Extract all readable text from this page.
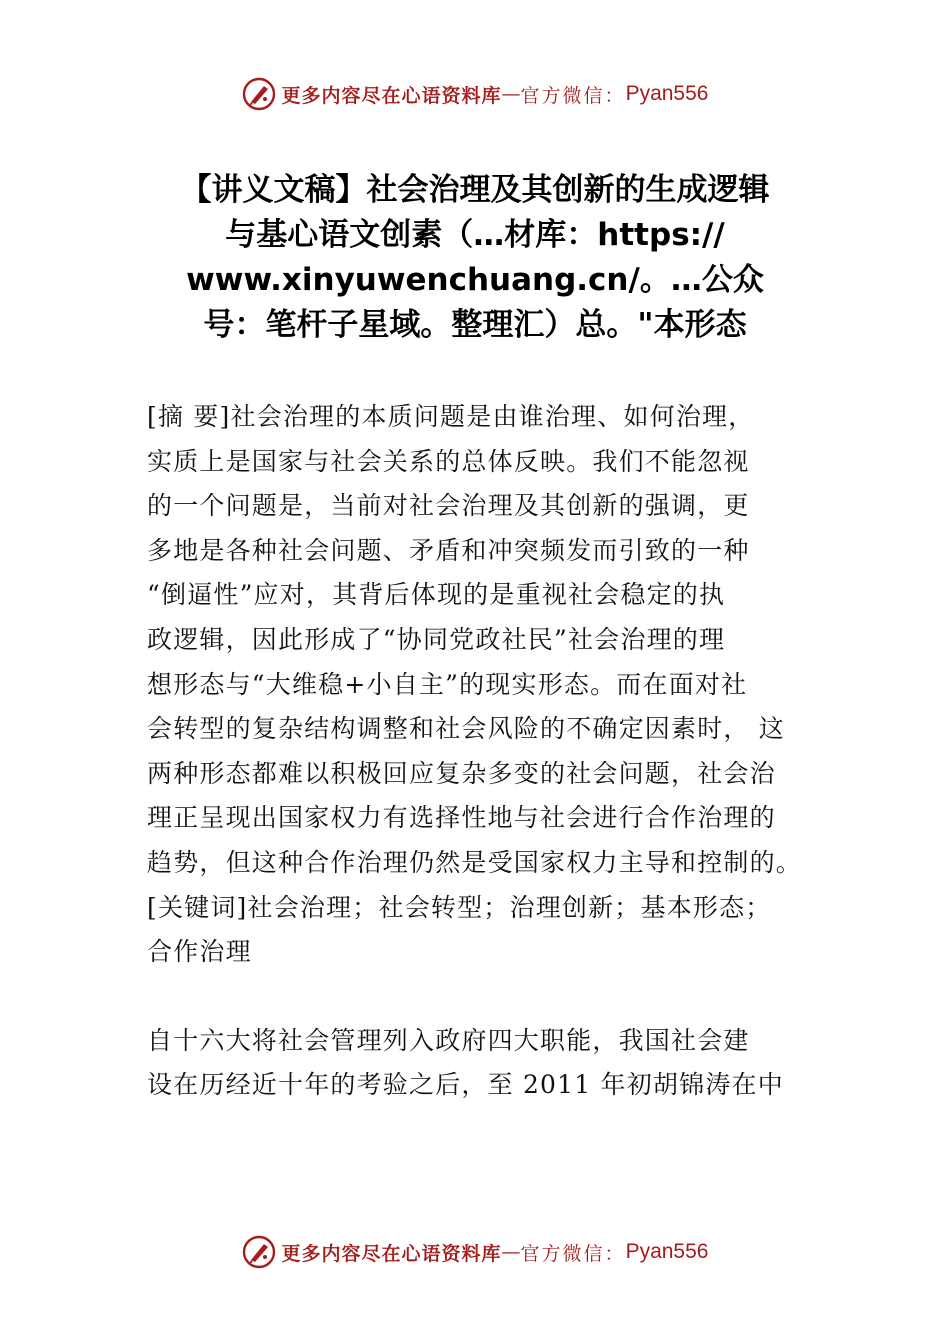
更多内容尽在心语资料库 — 官方微信： Pyan556
【讲义文稿】社会治理及其创新的生成逻辑
与基心语文创素（…材库：https://
www.xinyuwenchuang.cn/。…公众
号：笔杆子星域。整理汇）总。"本形态

[摘 要]社会治理的本质问题是由谁治理、如何治理，
实质上是国家与社会关系的总体反映。我们不能忽视
的一个问题是，当前对社会治理及其创新的强调，更
多地是各种社会问题、矛盾和冲突频发而引致的一种
“倒逼性”应对，其背后体现的是重视社会稳定的执
政逻辑，因此形成了“协同党政社民”社会治理的理
想形态与“大维稳+小自主”的现实形态。而在面对社
会转型的复杂结构调整和社会风险的不确定因素时， 这
两种形态都难以积极回应复杂多变的社会问题，社会治
理正呈现出国家权力有选择性地与社会进行合作治理的
趋势，但这种合作治理仍然是受国家权力主导和控制的。

[关键词]社会治理；社会转型；治理创新；基本形态；
合作治理

自十六大将社会管理列入政府四大职能，我国社会建
设在历经近十年的考验之后，至 2011 年初胡锦涛在中

更多内容尽在心语资料库 — 官方微信： Pyan556
